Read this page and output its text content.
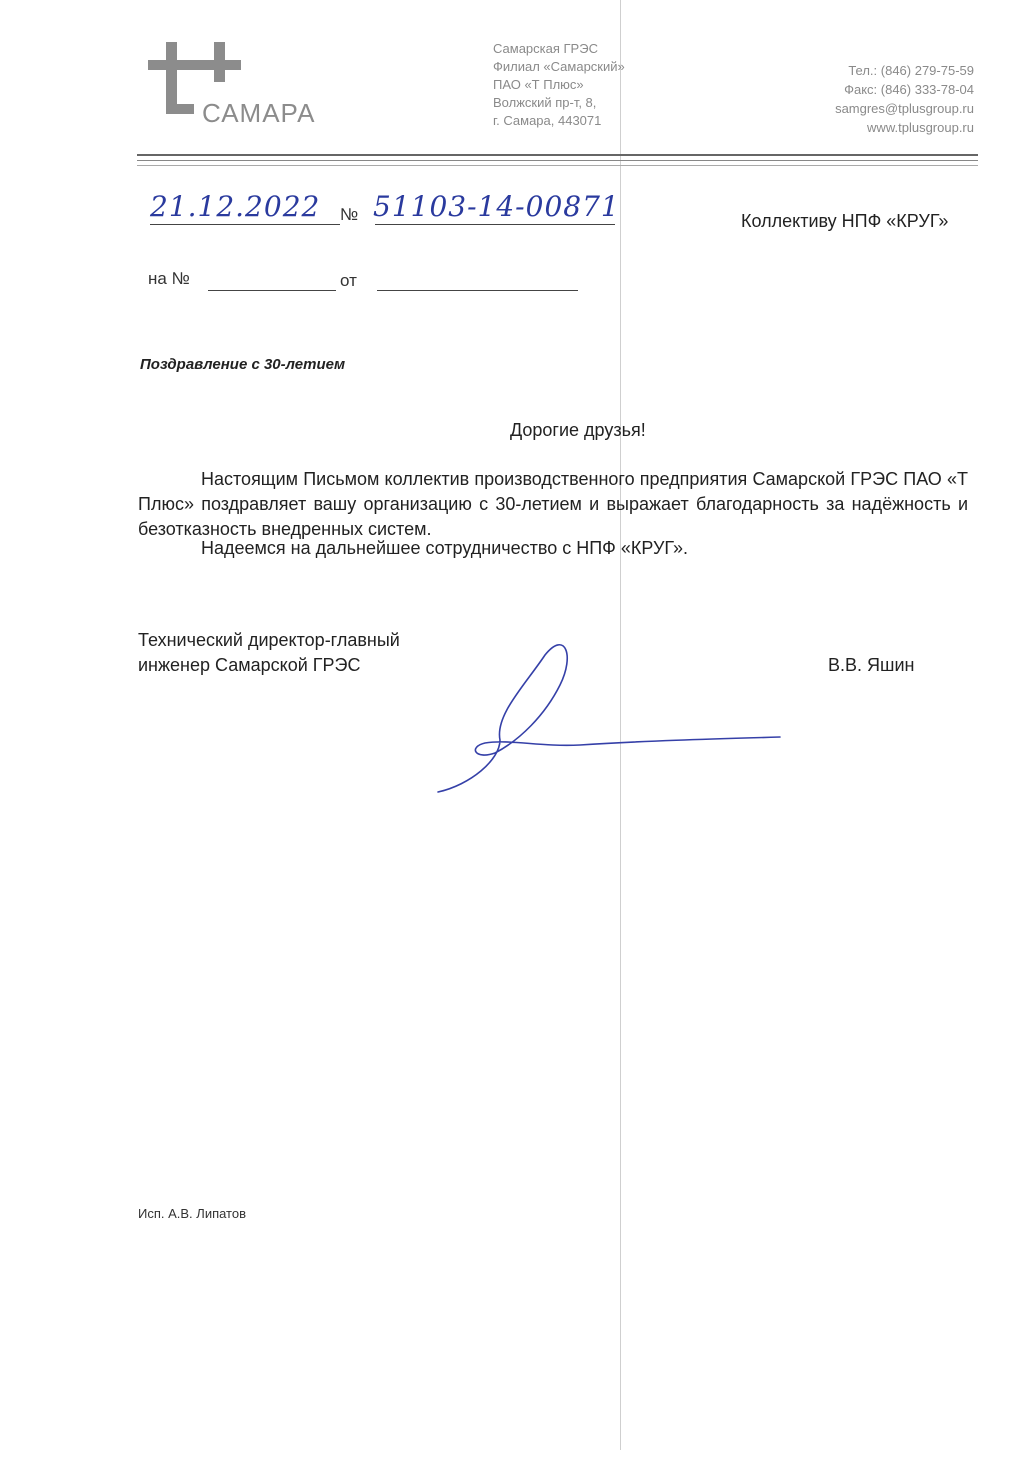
САМАРА
Самарская ГРЭС
Филиал «Самарский»
ПАО «Т Плюс»
Волжский пр-т, 8,
г. Самара, 443071
Тел.: (846) 279-75-59
Факс: (846) 333-78-04
samgres@tplusgroup.ru
www.tplusgroup.ru
21.12.2022 № 51103-14-00871	Коллективу НПФ «КРУГ»
на №	от
Поздравление с 30-летием
Дорогие друзья!
Настоящим Письмом коллектив производственного предприятия Самарской ГРЭС ПАО «Т Плюс» поздравляет вашу организацию с 30-летием и выражает благодарность за надёжность и безотказность внедренных систем.
Надеемся на дальнейшее сотрудничество с НПФ «КРУГ».
Технический директор-главный
инженер Самарской ГРЭС	В.В. Яшин
Исп. А.В. Липатов
